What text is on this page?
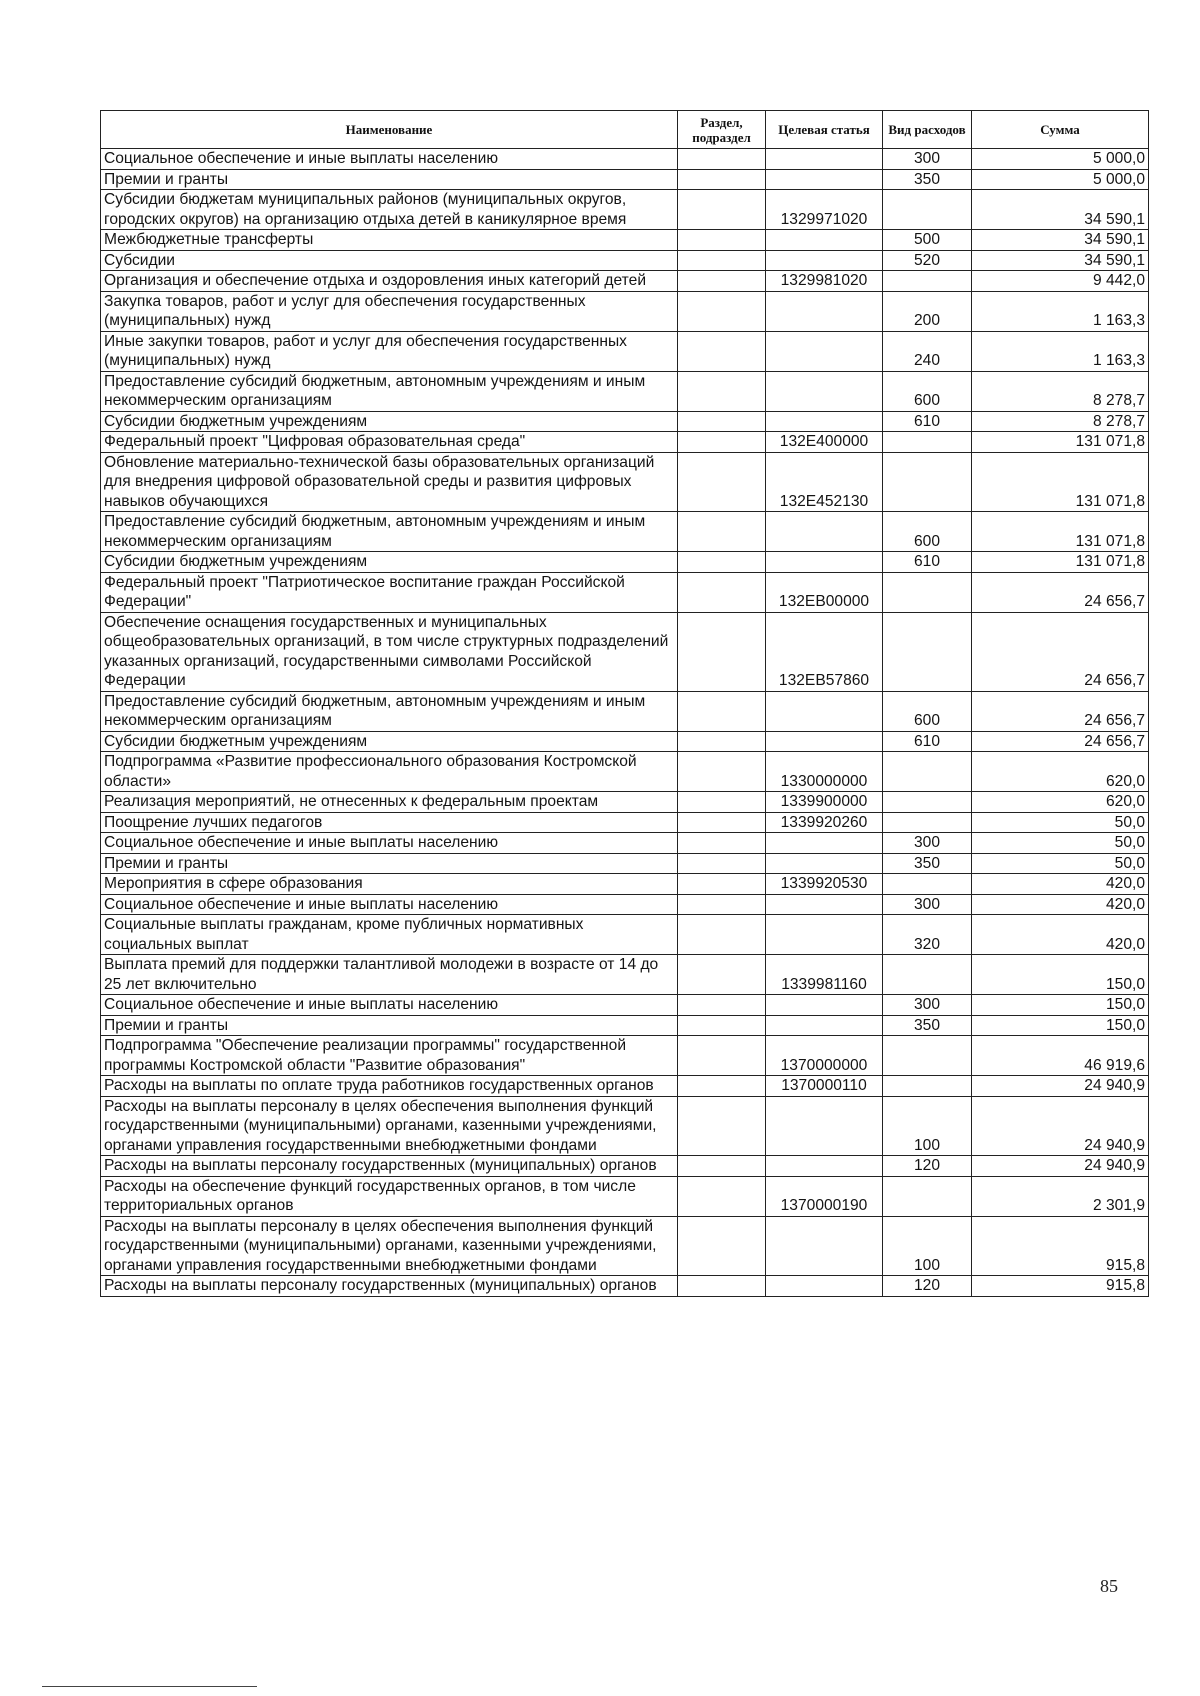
Наименование	Раздел, подраздел	Целевая статья	Вид расходов	Сумма
Социальное обеспечение и иные выплаты населению			300	5 000,0
Премии и гранты			350	5 000,0
Субсидии бюджетам муниципальных районов (муниципальных округов, городских округов) на организацию отдыха детей в каникулярное время		1329971020		34 590,1
Межбюджетные трансферты			500	34 590,1
Субсидии			520	34 590,1
Организация и обеспечение отдыха и оздоровления иных категорий детей		1329981020		9 442,0
Закупка товаров, работ и услуг для обеспечения государственных (муниципальных) нужд			200	1 163,3
Иные закупки товаров, работ и услуг для обеспечения государственных (муниципальных) нужд			240	1 163,3
Предоставление субсидий бюджетным, автономным учреждениям и иным некоммерческим организациям			600	8 278,7
Субсидии бюджетным учреждениям			610	8 278,7
Федеральный проект "Цифровая образовательная среда"		132Е400000		131 071,8
Обновление материально-технической базы образовательных организаций для внедрения цифровой образовательной среды и развития цифровых навыков обучающихся		132Е452130		131 071,8
Предоставление субсидий бюджетным, автономным учреждениям и иным некоммерческим организациям			600	131 071,8
Субсидии бюджетным учреждениям			610	131 071,8
Федеральный проект "Патриотическое воспитание граждан Российской Федерации"		132ЕВ00000		24 656,7
Обеспечение оснащения государственных и муниципальных общеобразовательных организаций, в том числе структурных подразделений указанных организаций, государственными символами Российской Федерации		132ЕВ57860		24 656,7
Предоставление субсидий бюджетным, автономным учреждениям и иным некоммерческим организациям			600	24 656,7
Субсидии бюджетным учреждениям			610	24 656,7
Подпрограмма «Развитие профессионального образования Костромской области»		1330000000		620,0
Реализация мероприятий, не отнесенных к федеральным проектам		1339900000		620,0
Поощрение лучших педагогов		1339920260		50,0
Социальное обеспечение и иные выплаты населению			300	50,0
Премии и гранты			350	50,0
Мероприятия в сфере образования		1339920530		420,0
Социальное обеспечение и иные выплаты населению			300	420,0
Социальные выплаты гражданам, кроме публичных нормативных социальных выплат			320	420,0
Выплата премий для поддержки талантливой молодежи в возрасте от 14 до 25 лет включительно		1339981160		150,0
Социальное обеспечение и иные выплаты населению			300	150,0
Премии и гранты			350	150,0
Подпрограмма "Обеспечение реализации программы" государственной программы Костромской области "Развитие образования"		1370000000		46 919,6
Расходы на выплаты по оплате труда работников государственных органов		1370000110		24 940,9
Расходы на выплаты персоналу в целях обеспечения выполнения функций государственными (муниципальными) органами, казенными учреждениями, органами управления государственными внебюджетными фондами			100	24 940,9
Расходы на выплаты персоналу государственных (муниципальных) органов			120	24 940,9
Расходы на обеспечение функций государственных органов, в том числе территориальных органов		1370000190		2 301,9
Расходы на выплаты персоналу в целях обеспечения выполнения функций государственными (муниципальными) органами, казенными учреждениями, органами управления государственными внебюджетными фондами			100	915,8
Расходы на выплаты персоналу государственных (муниципальных) органов			120	915,8
85
